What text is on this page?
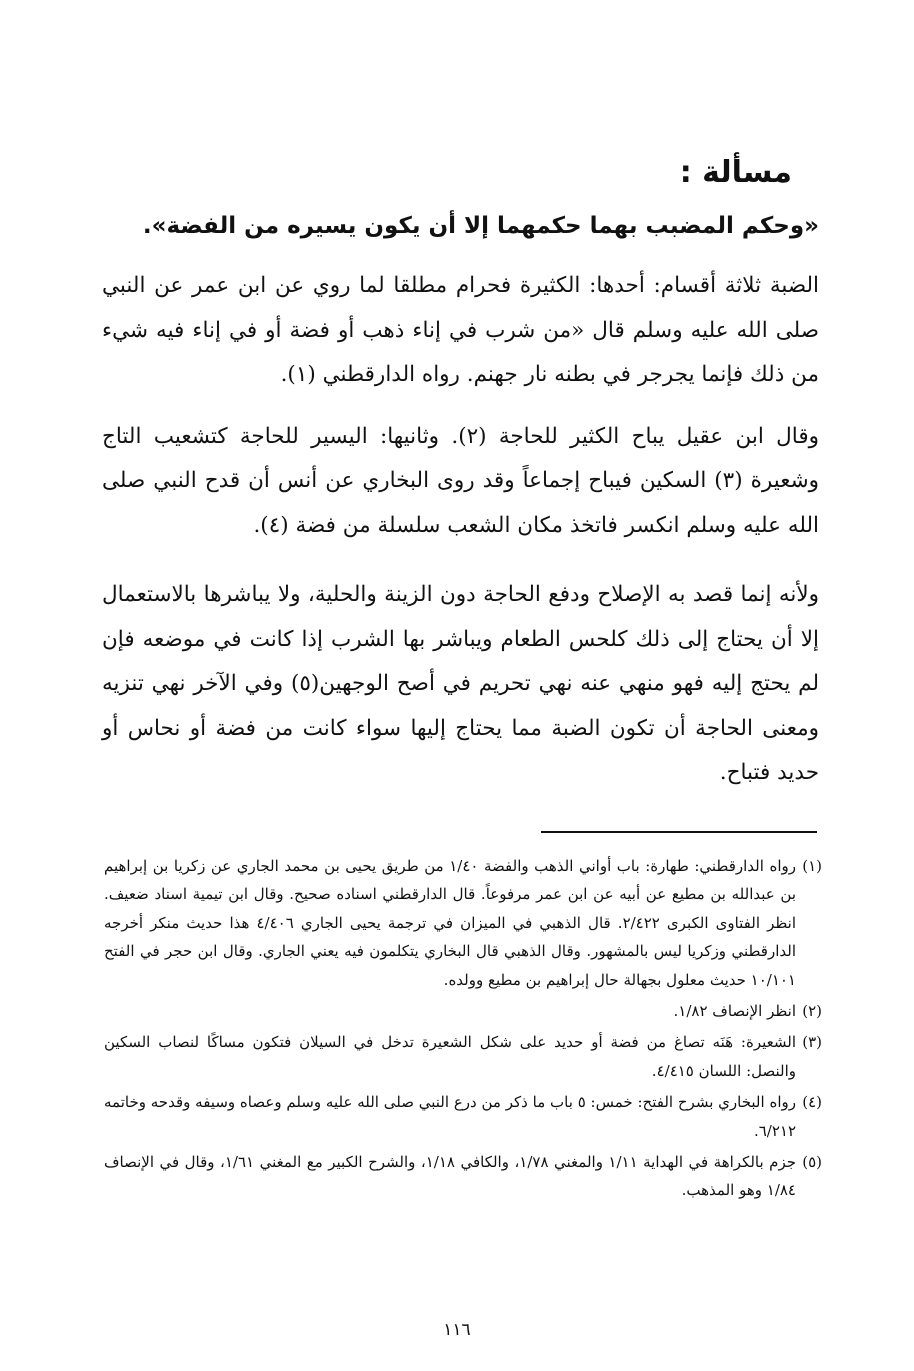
مسألة :

«وحكم المضبب بهما حكمهما إلا أن يكون يسيره من الفضة».

الضبة ثلاثة أقسام: أحدها: الكثيرة فحرام مطلقا لما روي عن ابن عمر عن النبي صلى الله عليه وسلم قال «من شرب في إناء ذهب أو فضة أو في إناء فيه شيء من ذلك فإنما يجرجر في بطنه نار جهنم. رواه الدارقطني (١).

وقال ابن عقيل يباح الكثير للحاجة (٢). وثانيها: اليسير للحاجة كتشعيب التاج وشعيرة (٣) السكين فيباح إجماعاً وقد روى البخاري عن أنس أن قدح النبي صلى الله عليه وسلم انكسر فاتخذ مكان الشعب سلسلة من فضة (٤).

ولأنه إنما قصد به الإصلاح ودفع الحاجة دون الزينة والحلية، ولا يباشرها بالاستعمال إلا أن يحتاج إلى ذلك كلحس الطعام ويباشر بها الشرب إذا كانت في موضعه فإن لم يحتج إليه فهو منهي عنه نهي تحريم في أصح الوجهين(٥) وفي الآخر نهي تنزيه ومعنى الحاجة أن تكون الضبة مما يحتاج إليها سواء كانت من فضة أو نحاس أو حديد فتباح.

(١)
رواه الدارقطني: طهارة: باب أواني الذهب والفضة ١/٤٠ من طريق يحيى بن محمد الجاري عن زكريا بن إبراهيم بن عبدالله بن مطيع عن أبيه عن ابن عمر مرفوعاً. قال الدارقطني اسناده صحيح. وقال ابن تيمية اسناد ضعيف. انظر الفتاوى الكبرى ٢/٤٢٢. قال الذهبي في الميزان في ترجمة يحيى الجاري ٤/٤٠٦ هذا حديث منكر أخرجه الدارقطني وزكريا ليس بالمشهور. وقال الذهبي قال البخاري يتكلمون فيه يعني الجاري. وقال ابن حجر في الفتح ١٠/١٠١ حديث معلول بجهالة حال إبراهيم بن مطيع وولده.

(٢)
انظر الإنصاف ١/٨٢.

(٣)
الشعيرة: هَنَه تصاغ من فضة أو حديد على شكل الشعيرة تدخل في السيلان فتكون مساكًا لنصاب السكين والنصل: اللسان ٤/٤١٥.

(٤)
رواه البخاري بشرح الفتح: خمس: ٥ باب ما ذكر من درع النبي صلى الله عليه وسلم وعصاه وسيفه وقدحه وخاتمه ٦/٢١٢.

(٥)
جزم بالكراهة في الهداية ١/١١ والمغني ١/٧٨، والكافي ١/١٨، والشرح الكبير مع المغني ١/٦١، وقال في الإنصاف ١/٨٤ وهو المذهب.

١١٦
